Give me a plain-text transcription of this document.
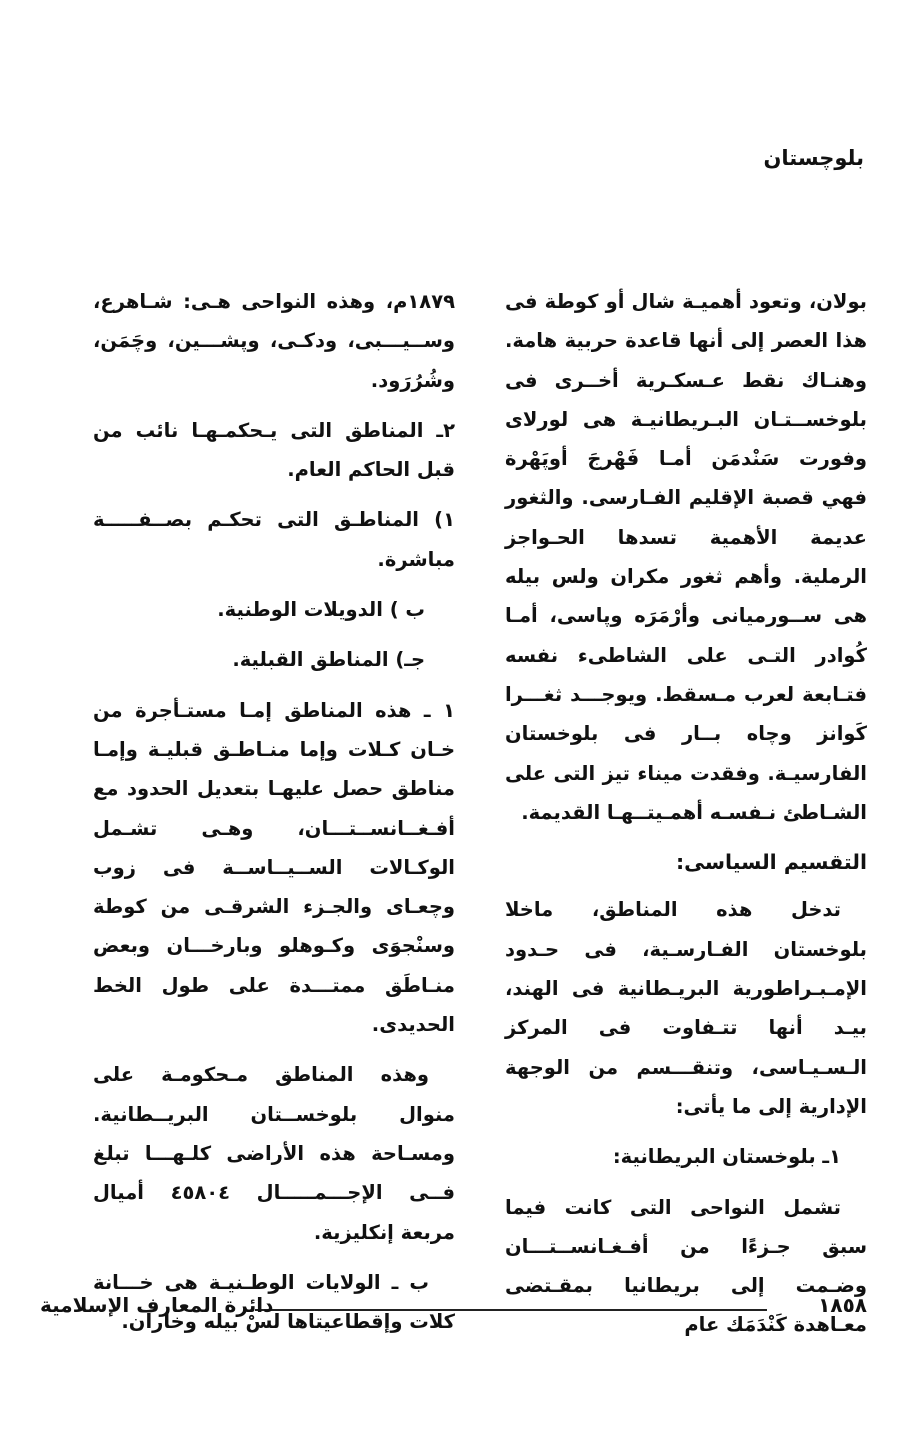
بلوچستان

بولان، وتعود أهميـة شال أو كوطة فى هذا العصر إلى أنها قاعدة حربية هامة. وهنـاك نقط عـسكـرية أخــرى فى بلوخســتـان البـريطانيـة هى لورلاى وفورت سَنْدمَن أمـا فَهْرجَ أوپَهْرة فهي قصبة الإقليم الفـارسى. والثغور عديمة الأهمية تسدها الحـواجز الرملية. وأهم ثغور مكران ولس بيله هى ســورميانى وأرْمَرَه وپاسى، أمـا كُوادر التـى على الشاطىء نفسه فتـابعة لعرب مـسقط. ويوجـــد ثغـــرا كَوانز وچاه بــار فى بلوخستان الفارسيـة. وفقدت ميناء تيز التى على الشـاطئ نـفسـه أهمـيتــهـا القديمة.

التقسيم السياسى:

تدخل هذه المناطق، ماخلا بلوخستان الفـارسـية، فى حـدود الإمـبـراطورية البريـطانية فى الهند، بيـد أنها تتـفاوت فى المركز الـسـيـاسى، وتنقـــسم من الوجهة الإدارية إلى ما يأتى:

١ـ بلوخستان البريطانية:

تشمل النواحى التى كانت فيما سبق جـزءًا من أفـغـانســتـــان وضـمت إلى بريطانيا بمقـتضى معـاهدة كَنْدَمَك عام

١٨٧٩م، وهذه النواحى هـى: شـاهرع، وســيـــبى، ودكـى، وپشـــين، وچَمَن، وشُرُرَود.

٢ـ المناطق التى يـحكمـهـا نائب من قبل الحاكم العام.

١) المناطـق التى تحكـم بصــفـــــة مباشرة.

ب ) الدويلات الوطنية.

جـ) المناطق القبلية.

١ ـ هذه المناطق إمـا مستـأجرة من خـان كـلات وإما منـاطـق قبليـة وإمـا مناطق حصل عليهـا بتعديل الحدود مع أفـغــانســتـــان، وهـى تشـمل الوكـالات الســيــاســة فى زوب وچعـاى والجـزء الشرقـى من كوطة وسنْجوَى وكـوهلو وبارخـــان وبعض منـاطَق ممتـــدة على طول الخط الحديدى.

وهذه المناطق مـحكومـة على منوال بلوخســتان البريــطانية. ومسـاحة هذه الأراضى كلـهـــا تبلغ فــى الإجـــمـــــال ٤٥٨٠٤ أميال مربعة إنكليزية.

ب ـ الولايات الوطـنيـة هى خـــانة كلات وإقطاعيتاها لسْ بيله وخاران.

١٨٥٨
دائرة المعارف الإسلامية
